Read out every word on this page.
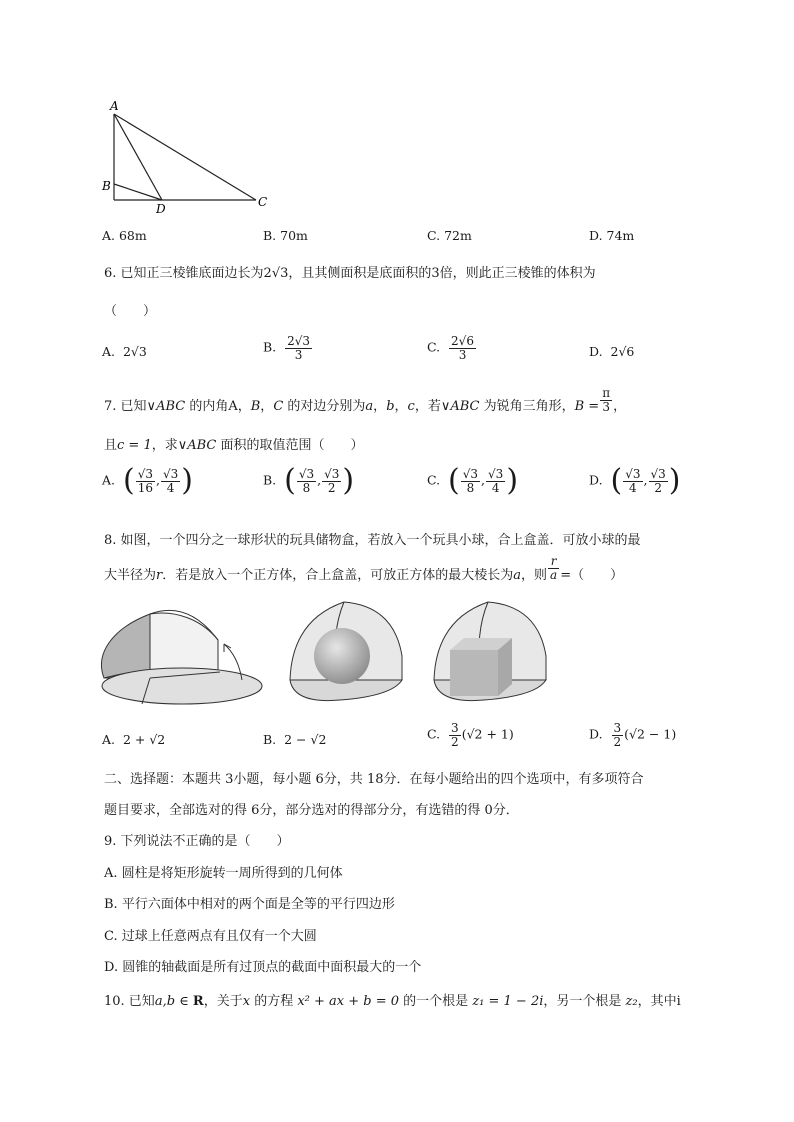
A
B
D	C
A. 68m	B. 70m	C. 72m	D. 74m
6. 已知正三棱锥底面边长为2√3，且其侧面积是底面积的3倍，则此正三棱锥的体积为
（　　）
A. 2√3	B. $\frac{2√3}{3}$	C. $\frac{2√6}{3}$	D. 2√6
7. 已知∨ABC 的内角A，B，C 的对边分别为a，b，c，若∨ABC 为锐角三角形，$B = \frac{\pi}{3}$ ，
且c = 1，求∨ABC 面积的取值范围（　　）
A. ( $\frac{√3}{16}$ , $\frac{√3}{4}$ )	B. ( $\frac{√3}{8}$ , $\frac{√3}{2}$ )	C. ( $\frac{√3}{8}$ , $\frac{√3}{4}$ )	D. ( $\frac{√3}{4}$ , $\frac{√3}{2}$ )
8. 如图，一个四分之一球形状的玩具储物盒，若放入一个玩具小球，合上盒盖．可放小球的最
大半径为r．若是放入一个正方体，合上盒盖，可放正方体的最大棱长为a，则 $\frac{r}{a}$ =（　　）
A. 2 + √2	B. 2 − √2	C. $\frac{3}{2} (√2 + 1)$	D. $\frac{3}{2} (√2 - 1)$
二、选择题：本题共 3小题，每小题 6分，共 18分．在每小题给出的四个选项中，有多项符合
题目要求，全部选对的得 6分，部分选对的得部分分，有选错的得 0分．
9. 下列说法不正确的是（　　）
A. 圆柱是将矩形旋转一周所得到的几何体
B. 平行六面体中相对的两个面是全等的平行四边形
C. 过球上任意两点有且仅有一个大圆
D. 圆锥的轴截面是所有过顶点的截面中面积最大的一个
10. 已知a,b ∈ R，关于x 的方程 x² + ax + b = 0 的一个根是 z₁ = 1 − 2i，另一个根是 z₂，其中i
